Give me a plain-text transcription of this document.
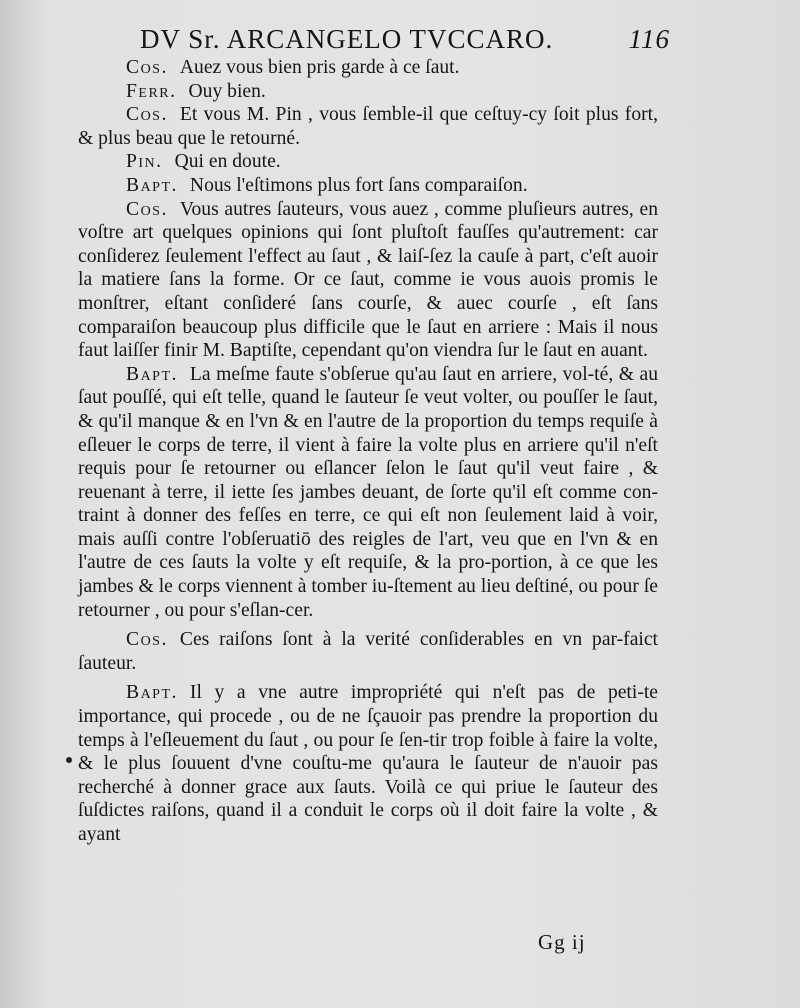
DV Sr. ARCANGELO TVCCARO.	116

Cos. Auez vous bien pris garde à ce ſaut.

Ferr. Ouy bien.

Cos. Et vous M. Pin , vous ſemble-il que ceſtuy-cy ſoit plus fort, & plus beau que le retourné.

Pin. Qui en doute.

Bapt. Nous l'eſtimons plus fort ſans comparaiſon.

Cos. Vous autres ſauteurs, vous auez , comme pluſieurs autres, en voſtre art quelques opinions qui ſont pluſtoſt fauſſes qu'autrement: car conſiderez ſeulement l'effect au ſaut , & laiſ-ſez la cauſe à part, c'eſt auoir la matiere ſans la forme. Or ce ſaut, comme ie vous auois promis le monſtrer, eſtant conſideré ſans courſe, & auec courſe , eſt ſans comparaiſon beaucoup plus difficile que le ſaut en arriere : Mais il nous faut laiſſer finir M. Baptiſte, cependant qu'on viendra ſur le ſaut en auant.

Bapt. La meſme faute s'obſerue qu'au ſaut en arriere, vol-té, & au ſaut pouſſé, qui eſt telle, quand le ſauteur ſe veut volter, ou pouſſer le ſaut, & qu'il manque & en l'vn & en l'autre de la proportion du temps requiſe à eſleuer le corps de terre, il vient à faire la volte plus en arriere qu'il n'eſt requis pour ſe retourner ou eſlancer ſelon le ſaut qu'il veut faire , & reuenant à terre, il iette ſes jambes deuant, de ſorte qu'il eſt comme con-traint à donner des feſſes en terre, ce qui eſt non ſeulement laid à voir, mais auſſi contre l'obſeruatiō des reigles de l'art, veu que en l'vn & en l'autre de ces ſauts la volte y eſt requiſe, & la pro-portion, à ce que les jambes & le corps viennent à tomber iu-ſtement au lieu deſtiné, ou pour ſe retourner , ou pour s'eſlan-cer.

Cos. Ces raiſons ſont à la verité conſiderables en vn par-faict ſauteur.

Bapt. Il y a vne autre impropriété qui n'eſt pas de peti-te importance, qui procede , ou de ne ſçauoir pas prendre la proportion du temps à l'eſleuement du ſaut , ou pour ſe ſen-tir trop foible à faire la volte, & le plus ſouuent d'vne couſtu-me qu'aura le ſauteur de n'auoir pas recherché à donner grace aux ſauts. Voilà ce qui priue le ſauteur des ſuſdictes raiſons, quand il a conduit le corps où il doit faire la volte , & ayant

Gg ij
